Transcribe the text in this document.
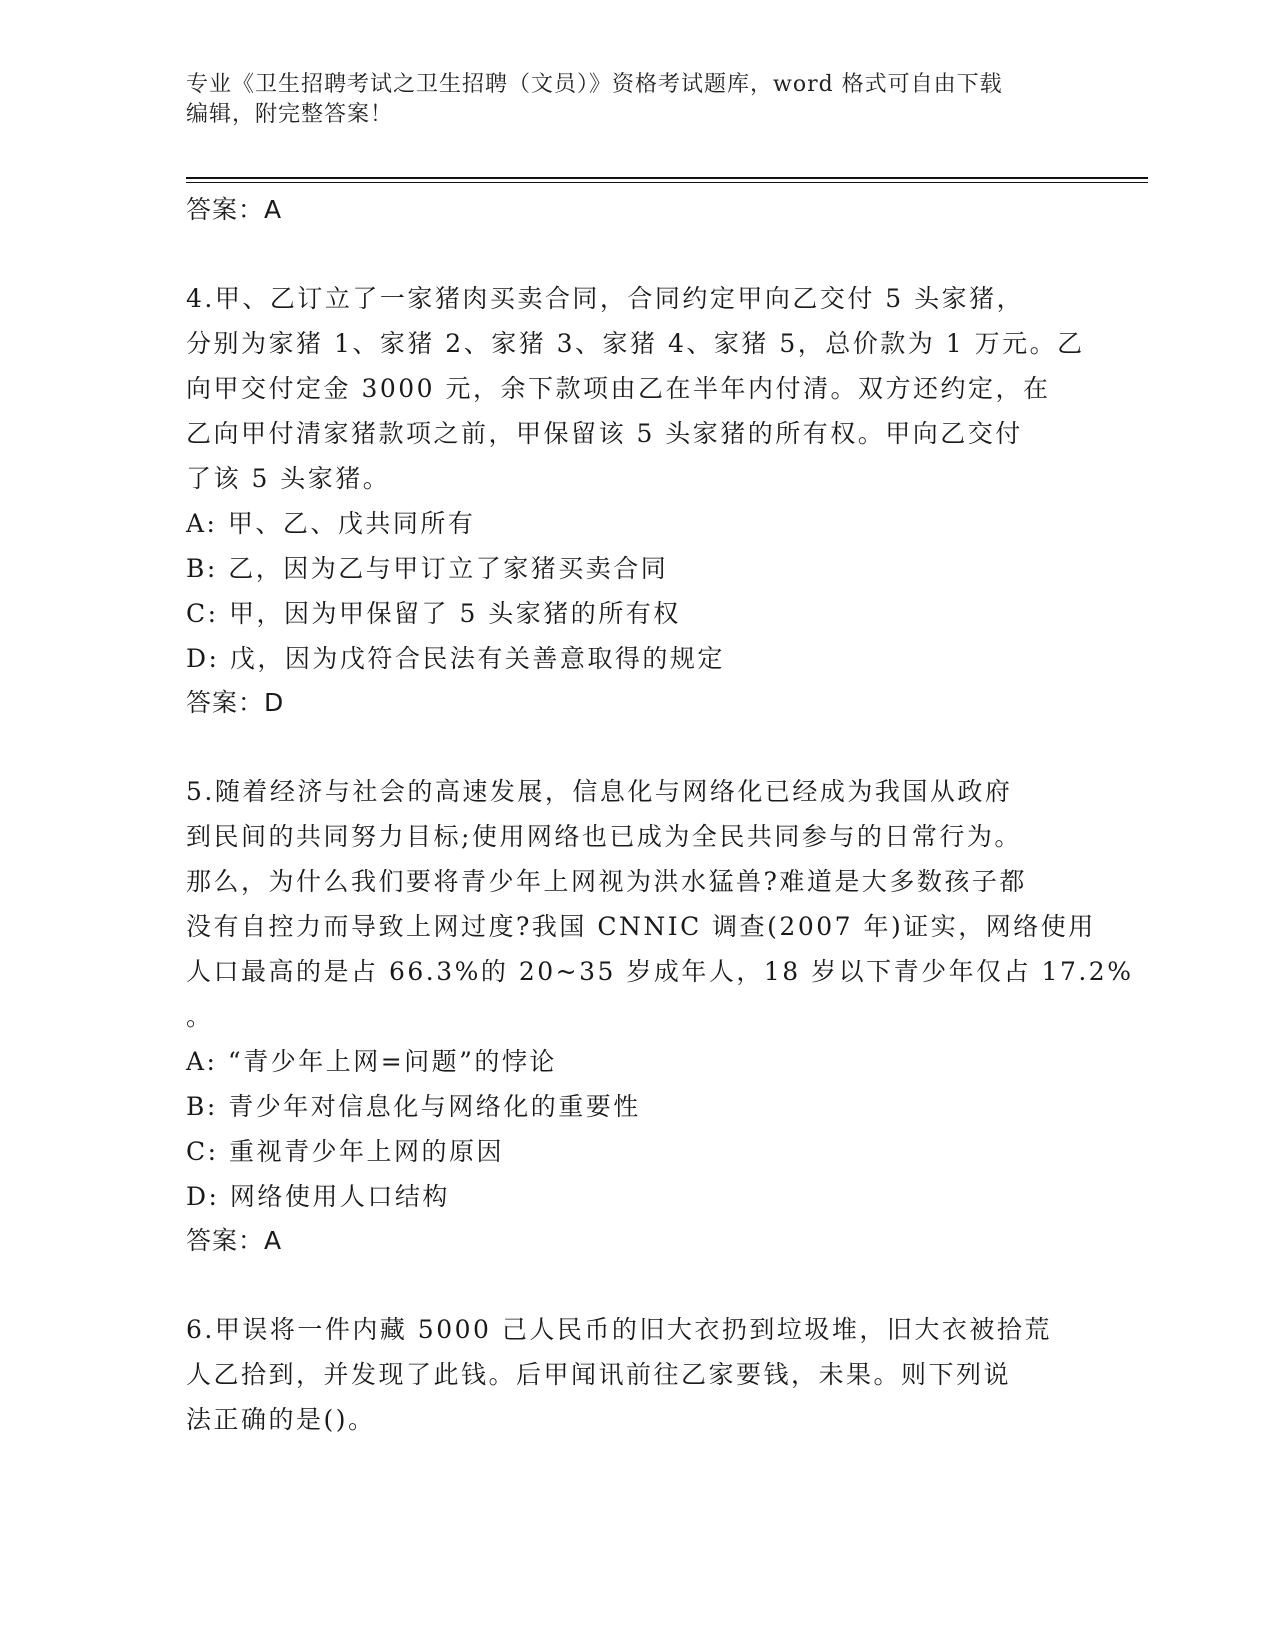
专业《卫生招聘考试之卫生招聘（文员）》资格考试题库，word 格式可自由下载
编辑，附完整答案！
答案：A
4.甲、乙订立了一家猪肉买卖合同，合同约定甲向乙交付 5 头家猪，
分别为家猪 1、家猪 2、家猪 3、家猪 4、家猪 5，总价款为 1 万元。乙
向甲交付定金 3000 元，余下款项由乙在半年内付清。双方还约定，在
乙向甲付清家猪款项之前，甲保留该 5 头家猪的所有权。甲向乙交付
了该 5 头家猪。
A: 甲、乙、戊共同所有
B: 乙，因为乙与甲订立了家猪买卖合同
C: 甲，因为甲保留了 5 头家猪的所有权
D: 戊，因为戊符合民法有关善意取得的规定
答案：D
5.随着经济与社会的高速发展，信息化与网络化已经成为我国从政府
到民间的共同努力目标;使用网络也已成为全民共同参与的日常行为。
那么，为什么我们要将青少年上网视为洪水猛兽?难道是大多数孩子都
没有自控力而导致上网过度?我国 CNNIC 调查(2007 年)证实，网络使用
人口最高的是占 66.3%的 20~35 岁成年人，18 岁以下青少年仅占 17.2%
。
A: “青少年上网=问题”的悖论
B: 青少年对信息化与网络化的重要性
C: 重视青少年上网的原因
D: 网络使用人口结构
答案：A
6.甲误将一件内藏 5000 己人民币的旧大衣扔到垃圾堆，旧大衣被拾荒
人乙拾到，并发现了此钱。后甲闻讯前往乙家要钱，未果。则下列说
法正确的是()。
